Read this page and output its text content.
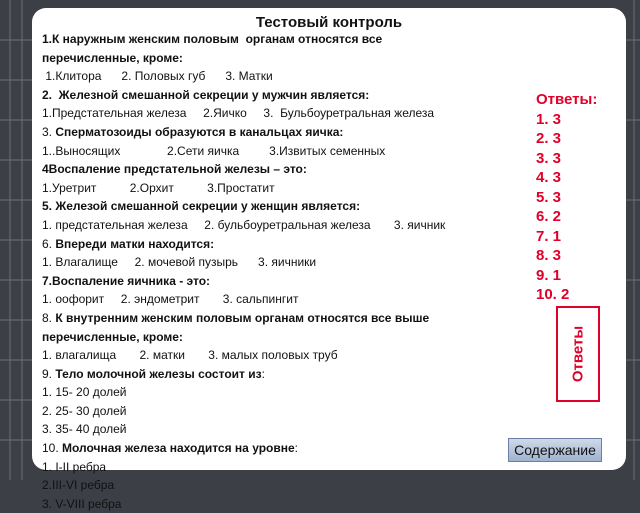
Тестовый контроль
1.К наружным женским половым  органам относятся все
перечисленные, кроме:
1.Клитора      2. Половых губ      3. Матки
2.  Железной смешанной секреции у мужчин является:
1.Предстательная железа     2.Яичко     3.  Бульбоуретральная железа
3. Сперматозоиды образуются в канальцах яичка:
1..Выносящих              2.Сети яичка         3.Извитых семенных
4Воспаление предстательной железы – это:
1.Уретрит          2.Орхит          3.Простатит
5. Железой смешанной секреции у женщин является:
1. предстательная железа     2. бульбоуретральная железа       3. яичник
6. Впереди матки находится:
1. Влагалище     2. мочевой пузырь      3. яичники
7.Воспаление яичника - это:
1. оофорит     2. эндометрит       3. сальпингит
8. К внутренним женским половым органам относятся все выше
перечисленные, кроме:
1. влагалища       2. матки       3. малых половых труб
9. Тело молочной железы состоит из:
1. 15- 20 долей
2. 25- 30 долей
3. 35- 40 долей
10. Молочная железа находится на уровне:
1. I-II ребра
2.III-VI ребра
3. V-VIII ребра
Ответы:
1. 3
2. 3
3. 3
4. 3
5. 3
6. 2
7. 1
8. 3
9. 1
10. 2
Ответы
Содержание
